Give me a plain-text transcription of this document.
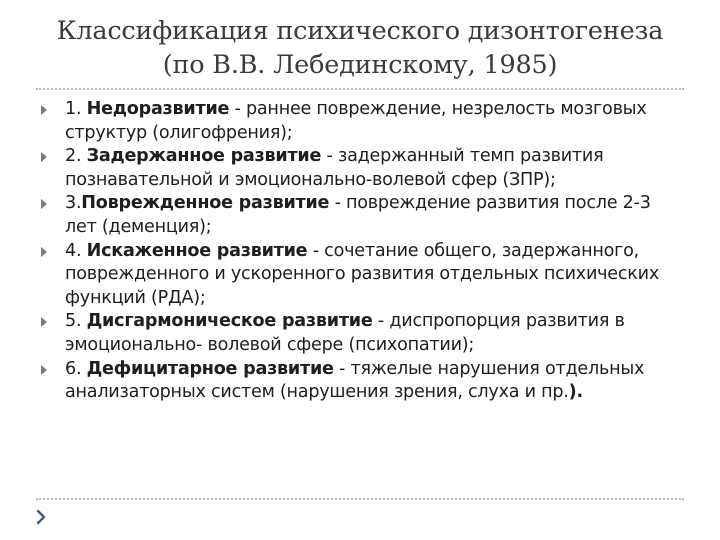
Классификация психического дизонтогенеза
(по В.В. Лебединскому, 1985)
1. Недоразвитие - раннее повреждение, незрелость мозговых структур (олигофрения);
2. Задержанное развитие - задержанный темп развития познавательной и эмоционально-волевой сфер (ЗПР);
3.Поврежденное развитие - повреждение развития после 2-3 лет (деменция);
4. Искаженное развитие - сочетание общего, задержанного, поврежденного и ускоренного развития отдельных психических функций (РДА);
5. Дисгармоническое развитие - диспропорция развития в эмоционально- волевой сфере (психопатии);
6. Дефицитарное развитие - тяжелые нарушения отдельных анализаторных систем (нарушения зрения, слуха и пр.).
